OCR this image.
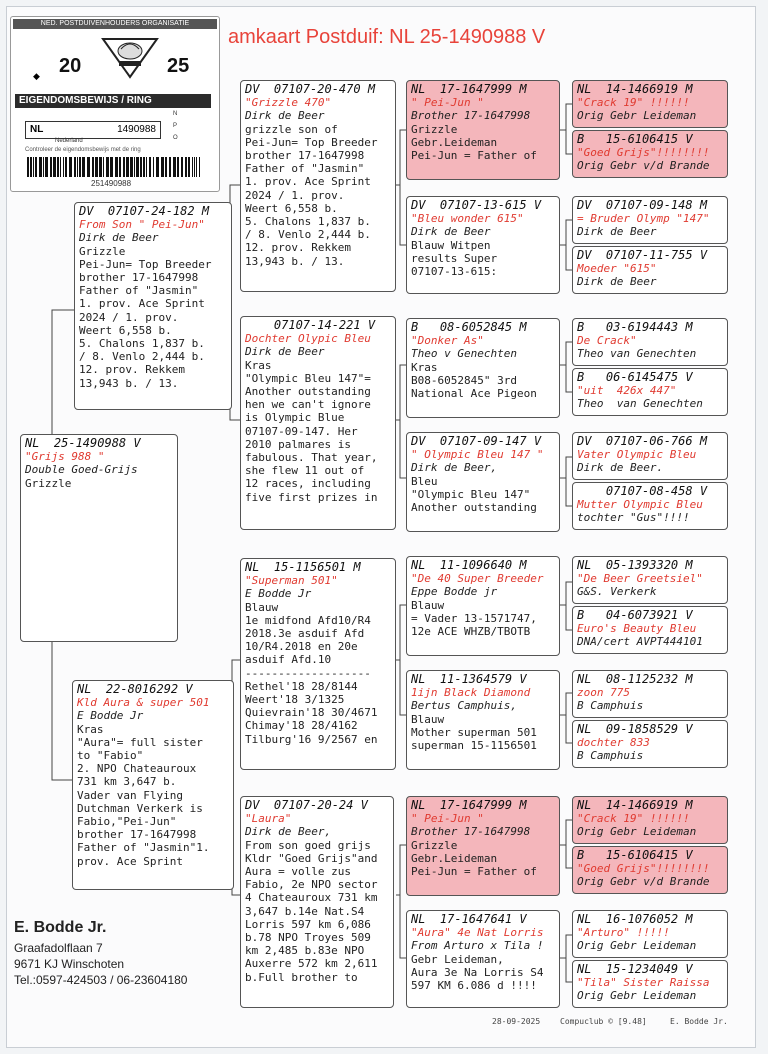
amkaart Postduif: NL 25-1490988 V
NED. POSTDUIVENHOUDERS ORGANISATIE
20	25
◆
EIGENDOMSBEWIJS / RING
N
P
O
NL	1490988
Nederland
Controleer de eigendomsbewijs met de ring
251490988
NL  25-1490988 V
"Grijs 988 "
Double Goed-Grijs
Grizzle
DV  07107-24-182 M
From Son " Pei-Jun"
Dirk de Beer
Grizzle
Pei-Jun= Top Breeder
brother 17-1647998
Father of "Jasmin"
1. prov. Ace Sprint
2024 / 1. prov.
Weert 6,558 b.
5. Chalons 1,837 b.
/ 8. Venlo 2,444 b.
12. prov. Rekkem
13,943 b. / 13.
NL  22-8016292 V
Kld Aura & super 501
E Bodde Jr
Kras
"Aura"= full sister
to "Fabio"
2. NPO Chateauroux
731 km 3,647 b.
Vader van Flying
Dutchman Verkerk is
Fabio,"Pei-Jun"
brother 17-1647998
Father of "Jasmin"1.
prov. Ace Sprint
DV  07107-20-470 M
"Grizzle 470"
Dirk de Beer
grizzle son of
Pei-Jun= Top Breeder
brother 17-1647998
Father of "Jasmin"
1. prov. Ace Sprint
2024 / 1. prov.
Weert 6,558 b.
5. Chalons 1,837 b.
/ 8. Venlo 2,444 b.
12. prov. Rekkem
13,943 b. / 13.
07107-14-221 V
Dochter Olypic Bleu
Dirk de Beer
Kras
"Olympic Bleu 147"=
Another outstanding
hen we can't ignore
is Olympic Blue
07107-09-147. Her
2010 palmares is
fabulous. That year,
she flew 11 out of
12 races, including
five first prizes in
NL  15-1156501 M
"Superman 501"
E Bodde Jr
Blauw
1e midfond Afd10/R4
2018.3e asduif Afd
10/R4.2018 en 20e
asduif Afd.10
-------------------
Rethel'18 28/8144
Weert'18 3/1325
Quievrain'18 30/4671
Chimay'18 28/4162
Tilburg'16 9/2567 en
DV  07107-20-24 V
"Laura"
Dirk de Beer,
From son goed grijs
Kldr "Goed Grijs"and
Aura = volle zus
Fabio, 2e NPO sector
4 Chateauroux 731 km
3,647 b.14e Nat.S4
Lorris 597 km 6,086
b.78 NPO Troyes 509
km 2,485 b.83e NPO
Auxerre 572 km 2,611
b.Full brother to
NL  17-1647999 M
" Pei-Jun "
Brother 17-1647998
Grizzle
Gebr.Leideman
Pei-Jun = Father of
DV  07107-13-615 V
"Bleu wonder 615"
Dirk de Beer
Blauw Witpen
results Super
07107-13-615:
B   08-6052845 M
"Donker As"
Theo v Genechten
Kras
B08-6052845" 3rd
National Ace Pigeon
DV  07107-09-147 V
" Olympic Bleu 147 "
Dirk de Beer,
Bleu
"Olympic Bleu 147"
Another outstanding
NL  11-1096640 M
"De 40 Super Breeder
Eppe Bodde jr
Blauw
= Vader 13-1571747,
12e ACE WHZB/TBOTB
NL  11-1364579 V
1ijn Black Diamond
Bertus Camphuis,
Blauw
Mother superman 501
superman 15-1156501
NL  17-1647999 M
" Pei-Jun "
Brother 17-1647998
Grizzle
Gebr.Leideman
Pei-Jun = Father of
NL  17-1647641 V
"Aura" 4e Nat Lorris
From Arturo x Tila !
Gebr Leideman,
Aura 3e Na Lorris S4
597 KM 6.086 d !!!!
NL  14-1466919 M
"Crack 19" !!!!!!
Orig Gebr Leideman
B   15-6106415 V
"Goed Grijs"!!!!!!!!
Orig Gebr v/d Brande
DV  07107-09-148 M
= Bruder Olymp "147"
Dirk de Beer
DV  07107-11-755 V
Moeder "615"
Dirk de Beer
B   03-6194443 M
De Crack"
Theo van Genechten
B   06-6145475 V
"uit  426x 447"
Theo  van Genechten
DV  07107-06-766 M
Vater Olympic Bleu
Dirk de Beer.
07107-08-458 V
Mutter Olympic Bleu
tochter "Gus"!!!!
NL  05-1393320 M
"De Beer Greetsiel"
G&S. Verkerk
B   04-6073921 V
Euro's Beauty Bleu
DNA/cert AVPT444101
NL  08-1125232 M
zoon 775
B Camphuis
NL  09-1858529 V
dochter 833
B Camphuis
NL  14-1466919 M
"Crack 19" !!!!!!
Orig Gebr Leideman
B   15-6106415 V
"Goed Grijs"!!!!!!!!
Orig Gebr v/d Brande
NL  16-1076052 M
"Arturo" !!!!!
Orig Gebr Leideman
NL  15-1234049 V
"Tila" Sister Raissa
Orig Gebr Leideman
E. Bodde Jr.
Graafadolflaan 7
9671 KJ Winschoten
Tel.:0597-424503 / 06-23604180
28-09-2025 Compuclub © [9.48]	E. Bodde Jr.
